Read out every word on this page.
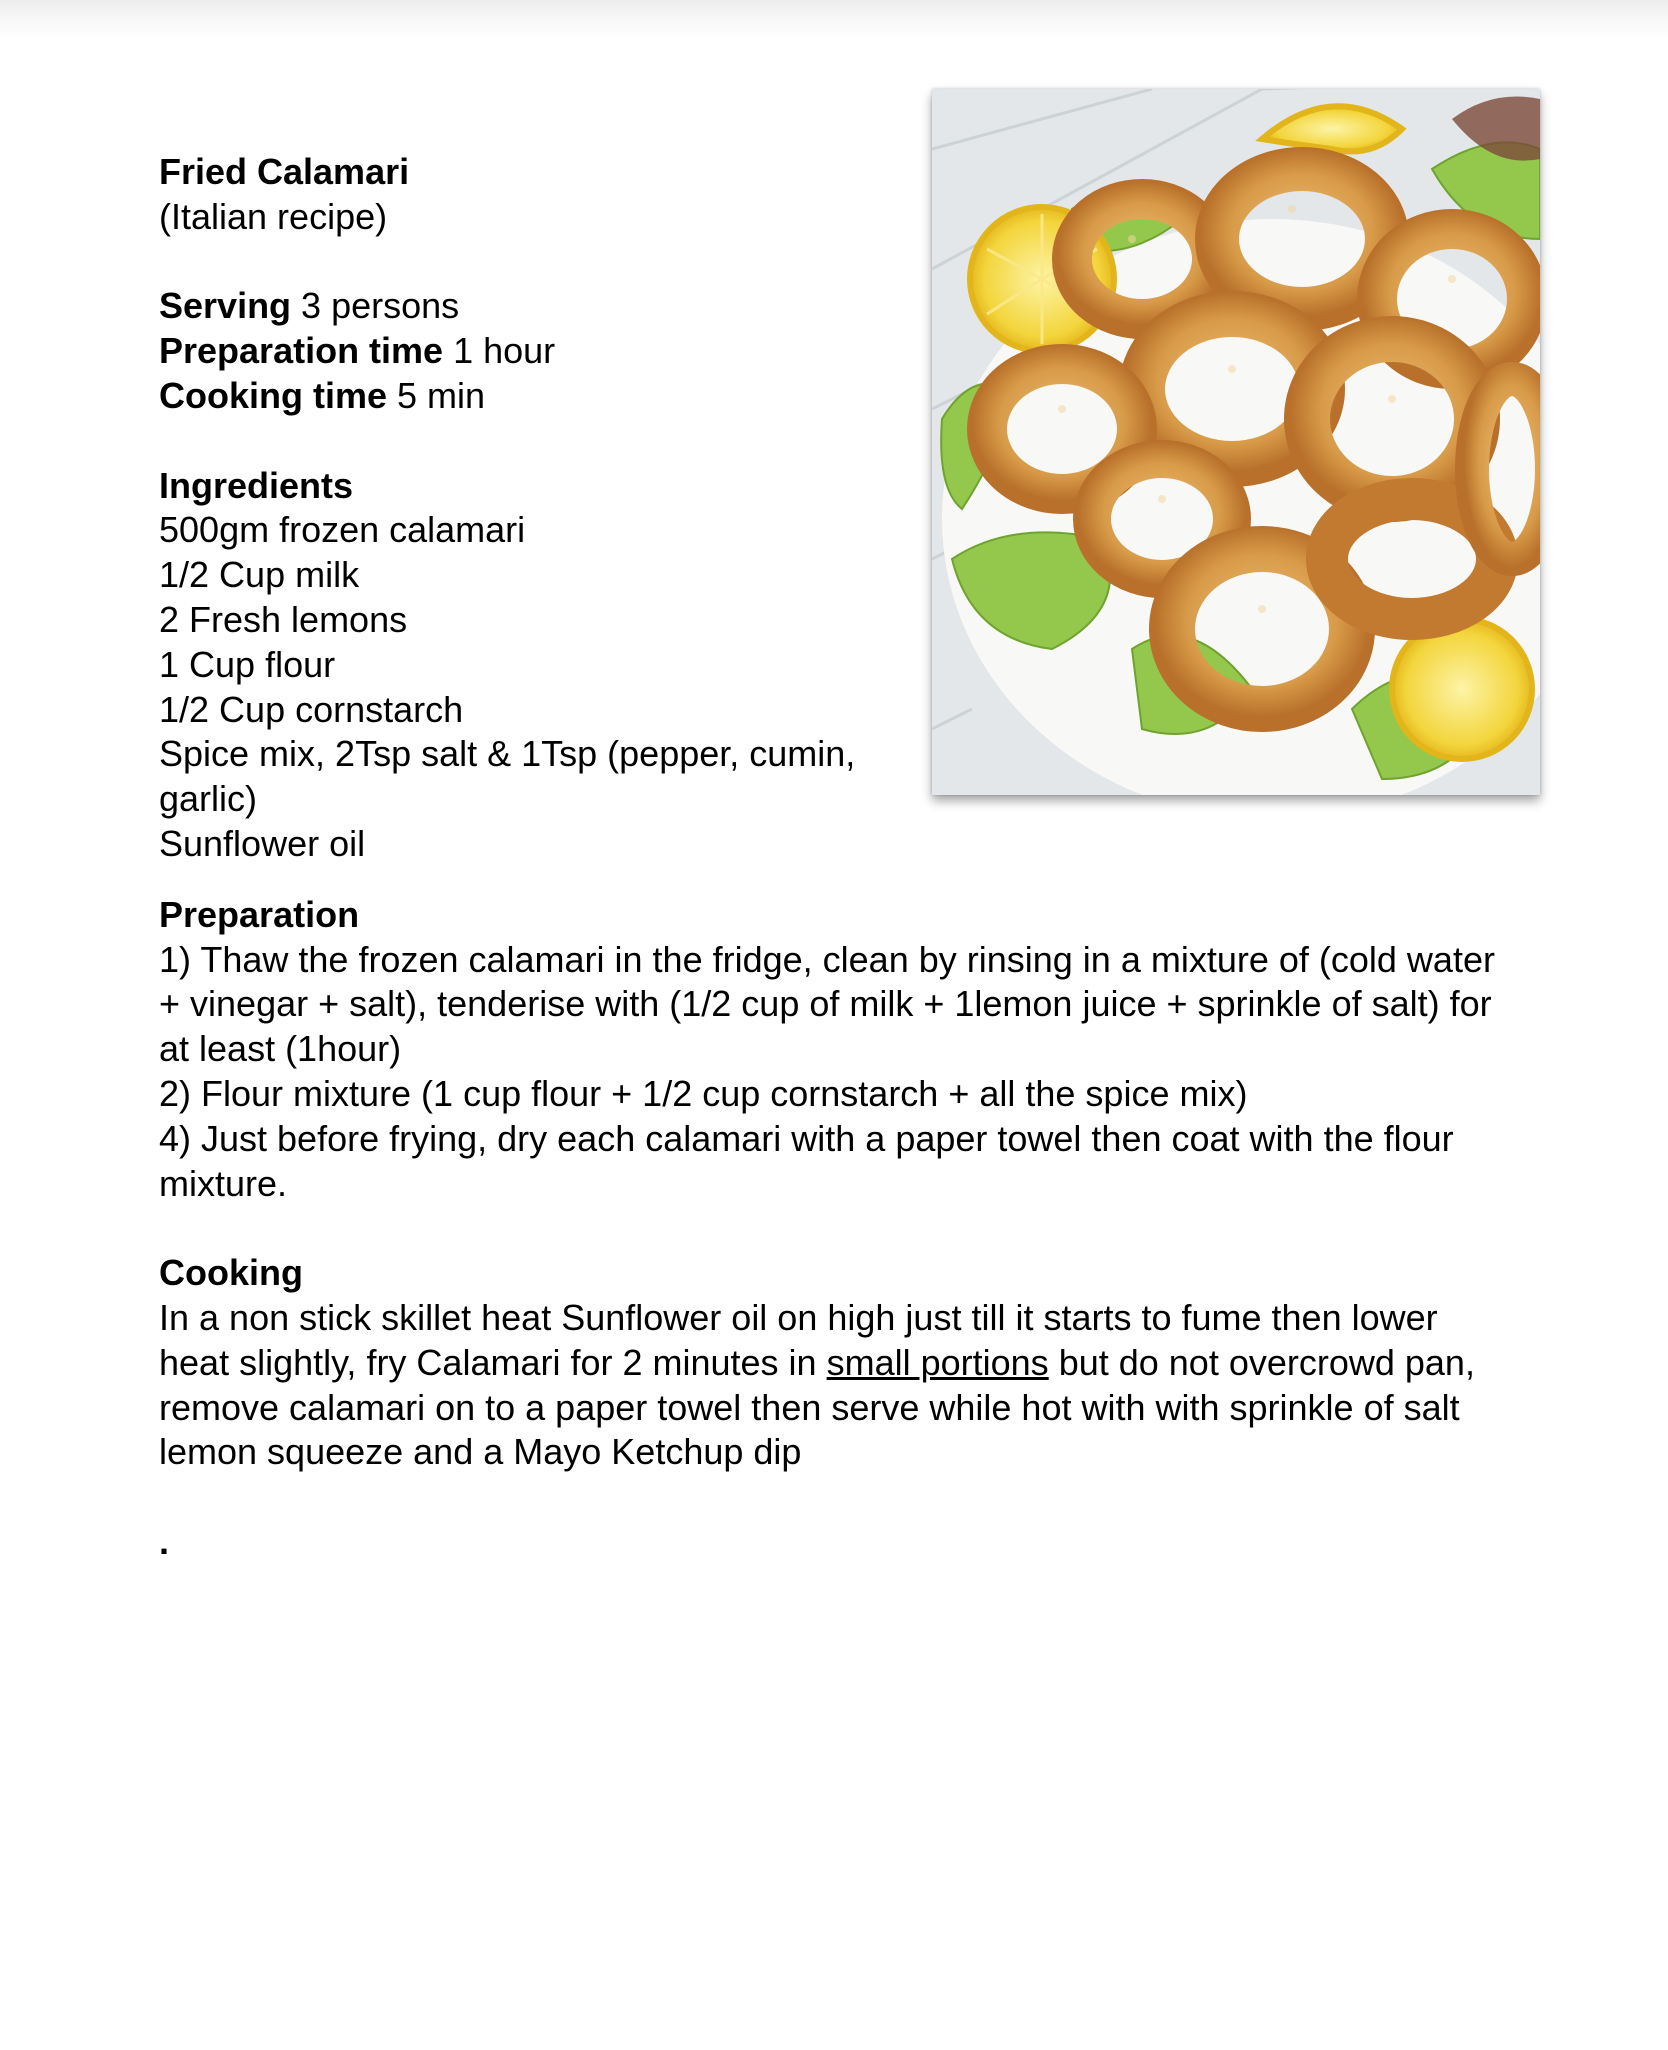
Fried Calamari

(Italian recipe)

Serving 3 persons

Preparation time 1 hour

Cooking time 5 min

Ingredients

500gm frozen calamari

1/2 Cup milk

2 Fresh lemons

1 Cup flour

1/2 Cup cornstarch

Spice mix, 2Tsp salt & 1Tsp (pepper, cumin, garlic)

Sunflower oil

Preparation

1) Thaw the frozen calamari in the fridge, clean by rinsing in a mixture of (cold water + vinegar + salt), tenderise with (1/2 cup of milk + 1lemon juice + sprinkle of salt) for at least (1hour)

2) Flour mixture (1 cup flour + 1/2 cup cornstarch + all the spice mix)

4) Just before frying, dry each calamari with a paper towel then coat with the flour mixture.

Cooking

In a non stick skillet heat Sunflower oil on high just till it starts to fume then lower heat slightly, fry Calamari for 2 minutes in small portions but do not overcrowd pan, remove calamari on to a paper towel then serve while hot with with sprinkle of salt lemon squeeze and a Mayo Ketchup dip

.
